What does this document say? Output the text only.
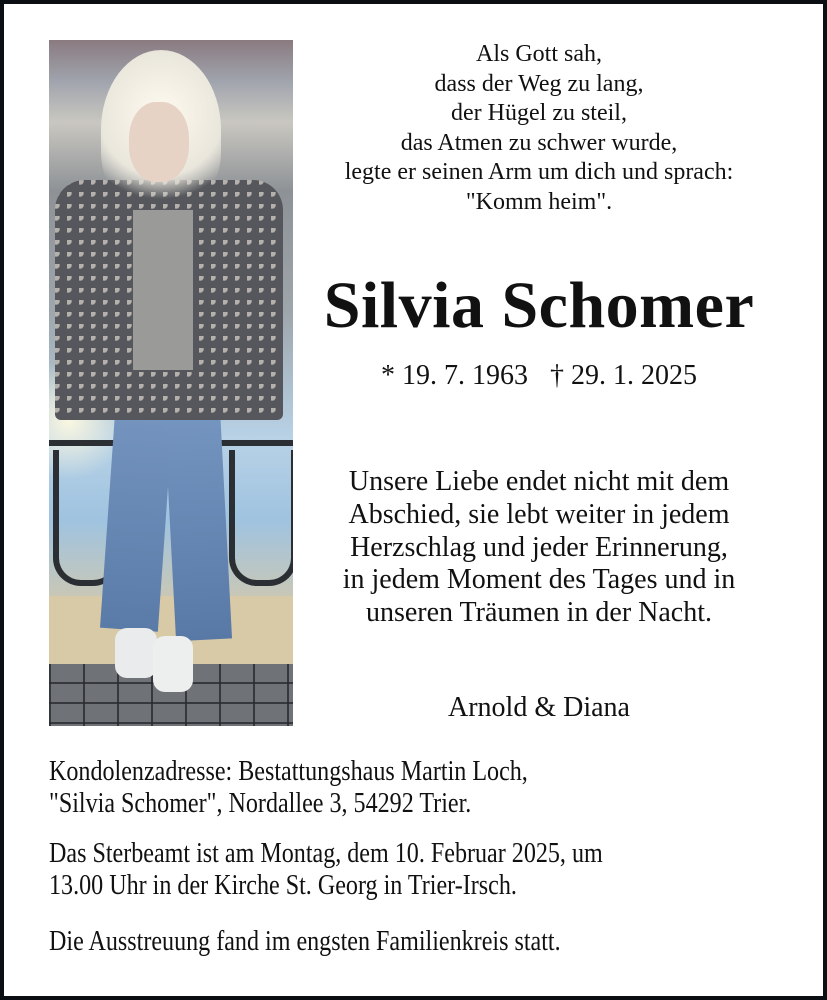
Als Gott sah,
dass der Weg zu lang,
der Hügel zu steil,
das Atmen zu schwer wurde,
legte er seinen Arm um dich und sprach:
"Komm heim".
Silvia Schomer
* 19. 7. 1963 † 29. 1. 2025
Unsere Liebe endet nicht mit dem
Abschied, sie lebt weiter in jedem
Herzschlag und jeder Erinnerung,
in jedem Moment des Tages und in
unseren Träumen in der Nacht.
Arnold & Diana
Kondolenzadresse: Bestattungshaus Martin Loch,
"Silvia Schomer", Nordallee 3, 54292 Trier.
Das Sterbeamt ist am Montag, dem 10. Februar 2025, um
13.00 Uhr in der Kirche St. Georg in Trier-Irsch.
Die Ausstreuung fand im engsten Familienkreis statt.
